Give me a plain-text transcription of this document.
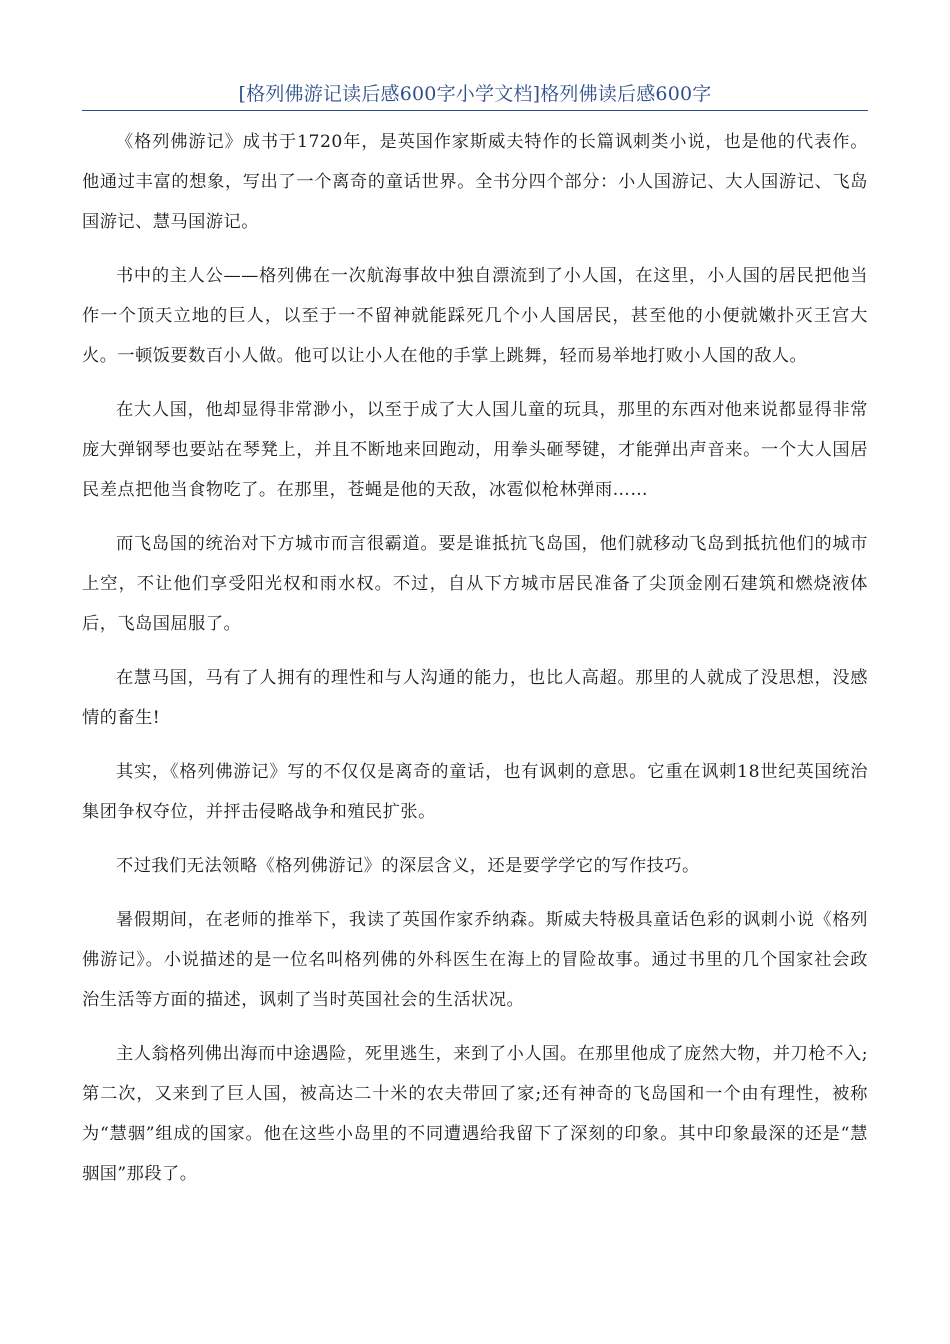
[格列佛游记读后感600字小学文档]格列佛读后感600字

《格列佛游记》成书于1720年，是英国作家斯威夫特作的长篇讽刺类小说，也是他的代表作。他通过丰富的想象，写出了一个离奇的童话世界。全书分四个部分：小人国游记、大人国游记、飞岛国游记、慧马国游记。

书中的主人公——格列佛在一次航海事故中独自漂流到了小人国，在这里，小人国的居民把他当作一个顶天立地的巨人，以至于一不留神就能踩死几个小人国居民，甚至他的小便就嫩扑灭王宫大火。一顿饭要数百小人做。他可以让小人在他的手掌上跳舞，轻而易举地打败小人国的敌人。

在大人国，他却显得非常渺小，以至于成了大人国儿童的玩具，那里的东西对他来说都显得非常庞大弹钢琴也要站在琴凳上，并且不断地来回跑动，用拳头砸琴键，才能弹出声音来。一个大人国居民差点把他当食物吃了。在那里，苍蝇是他的天敌，冰雹似枪林弹雨……

而飞岛国的统治对下方城市而言很霸道。要是谁抵抗飞岛国，他们就移动飞岛到抵抗他们的城市上空，不让他们享受阳光权和雨水权。不过，自从下方城市居民准备了尖顶金刚石建筑和燃烧液体后，飞岛国屈服了。

在慧马国，马有了人拥有的理性和与人沟通的能力，也比人高超。那里的人就成了没思想，没感情的畜生!

其实，《格列佛游记》写的不仅仅是离奇的童话，也有讽刺的意思。它重在讽刺18世纪英国统治集团争权夺位，并抨击侵略战争和殖民扩张。

不过我们无法领略《格列佛游记》的深层含义，还是要学学它的写作技巧。

暑假期间，在老师的推举下，我读了英国作家乔纳森。斯威夫特极具童话色彩的讽刺小说《格列佛游记》。小说描述的是一位名叫格列佛的外科医生在海上的冒险故事。通过书里的几个国家社会政治生活等方面的描述，讽刺了当时英国社会的生活状况。

主人翁格列佛出海而中途遇险，死里逃生，来到了小人国。在那里他成了庞然大物，并刀枪不入;第二次，又来到了巨人国，被高达二十米的农夫带回了家;还有神奇的飞岛国和一个由有理性，被称为“慧骃”组成的国家。他在这些小岛里的不同遭遇给我留下了深刻的印象。其中印象最深的还是“慧骃国”那段了。
